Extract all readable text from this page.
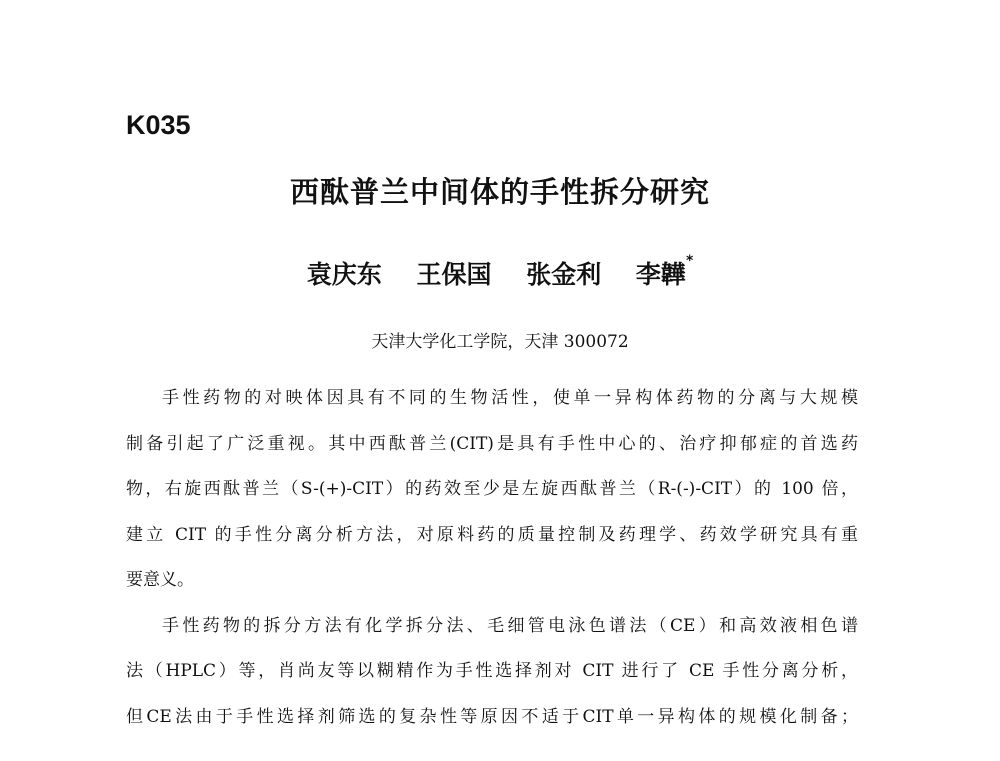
K035
西酞普兰中间体的手性拆分研究
袁庆东 王保国 张金利 李韡*
天津大学化工学院，天津 300072
手性药物的对映体因具有不同的生物活性，使单一异构体药物的分离与大规模
制备引起了广泛重视。其中西酞普兰(CIT)是具有手性中心的、治疗抑郁症的首选药
物，右旋西酞普兰（S-(+)-CIT）的药效至少是左旋西酞普兰（R-(-)-CIT）的 100 倍，
建立 CIT 的手性分离分析方法，对原料药的质量控制及药理学、药效学研究具有重
要意义。
手性药物的拆分方法有化学拆分法、毛细管电泳色谱法（CE）和高效液相色谱
法（HPLC）等，肖尚友等以糊精作为手性选择剂对 CIT 进行了 CE 手性分离分析，
但CE法由于手性选择剂筛选的复杂性等原因不适于CIT单一异构体的规模化制备；
